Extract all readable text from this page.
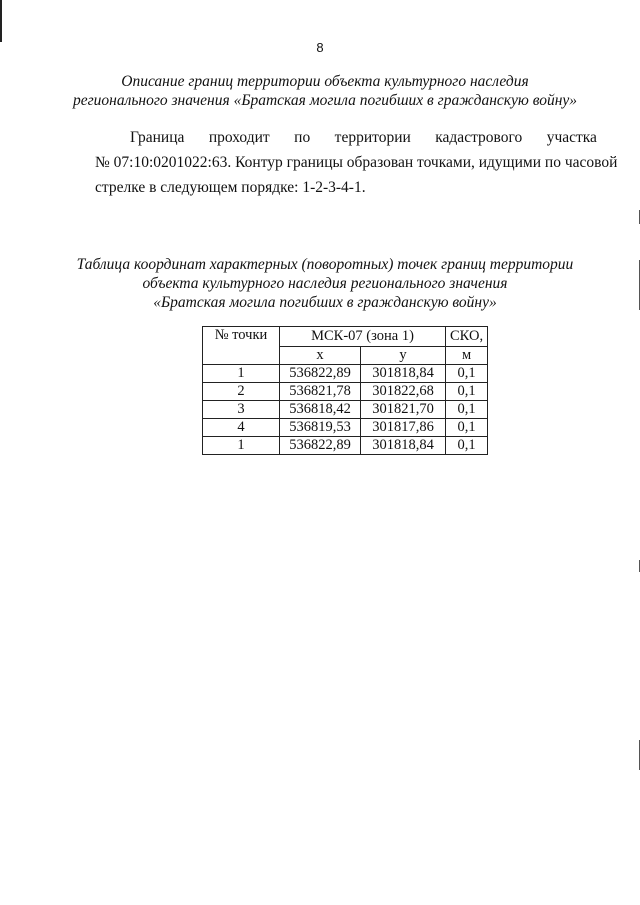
8
Описание границ территории объекта культурного наследия
регионального значения «Братская могила погибших в гражданскую войну»
Граница проходит по территории кадастрового участка
№ 07:10:0201022:63. Контур границы образован точками, идущими по часовой
стрелке в следующем порядке: 1-2-3-4-1.
Таблица координат характерных (поворотных) точек границ территории
объекта культурного наследия регионального значения
«Братская могила погибших в гражданскую войну»
№ точки	МСК-07 (зона 1)		СКО,
	x	y	м
1	536822,89	301818,84	0,1
2	536821,78	301822,68	0,1
3	536818,42	301821,70	0,1
4	536819,53	301817,86	0,1
1	536822,89	301818,84	0,1
